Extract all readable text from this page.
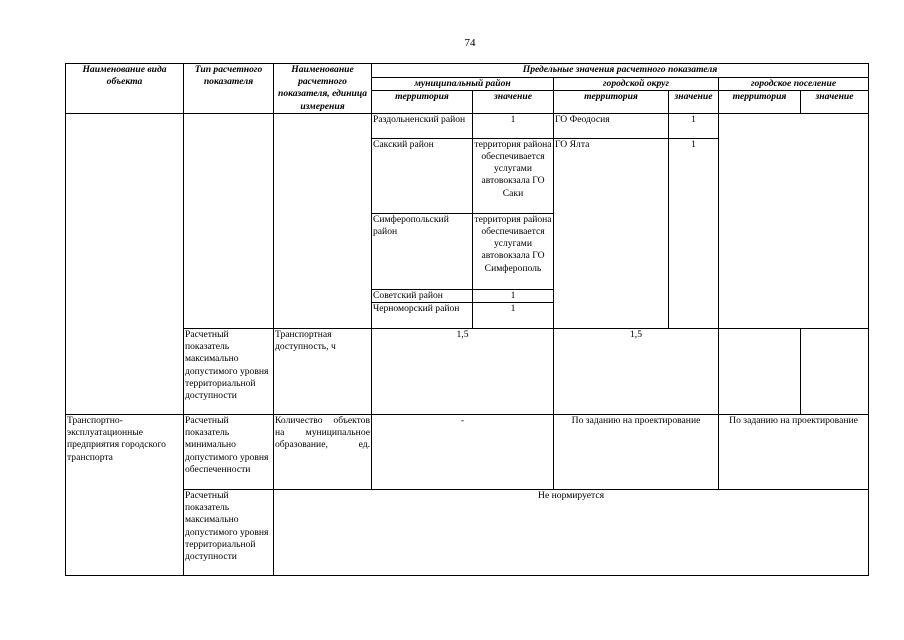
74
Наименование вида объекта	Тип расчетного показателя	Наименование расчетного показателя, единица измерения	Предельные значения расчетного показателя					
			муниципальный район		городской округ		городское поселение	
			территория	значение	территория	значение	территория	значение
			Раздольненский район	1	ГО Феодосия	1		
			Сакский район	территория района обеспечивается услугами автовокзала ГО Саки	ГО Ялта	1		
			Симферопольский район	территория района обеспечивается услугами автовокзала ГО Симферополь				
			Советский район	1				
			Черноморский район	1				
	Расчетный показатель максимально допустимого уровня территориальной доступности	Транспортная доступность, ч	1,5		1,5			
Транспортно-эксплуатационные предприятия городского транспорта	Расчетный показатель минимально допустимого уровня обеспеченности	Количество объектов на муниципальное образование, ед.	-		По заданию на проектирование		По заданию на проектирование	
	Расчетный показатель максимально допустимого уровня территориальной доступности	Не нормируется						
